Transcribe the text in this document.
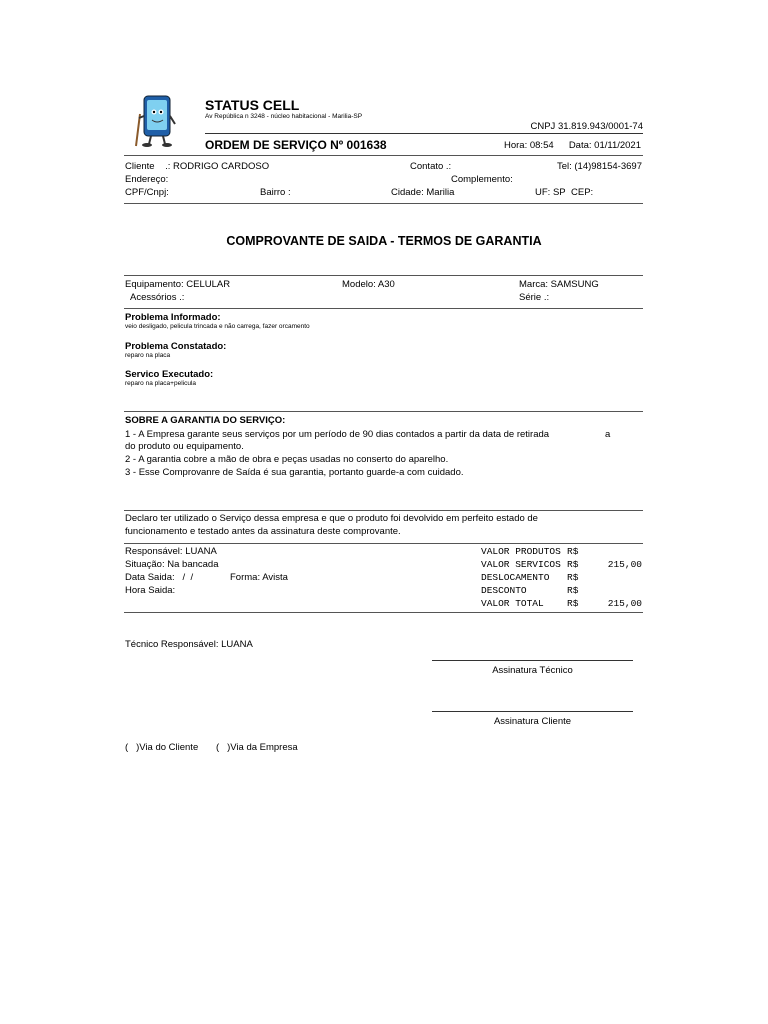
STATUS CELL
Av República n 3248 - núcleo habitacional - Marilia-SP
CNPJ 31.819.943/0001-74
ORDEM DE SERVIÇO Nº 001638	Hora: 08:54 Data: 01/11/2021
Cliente    .: RODRIGO CARDOSO	Contato .:	Tel: (14)98154-3697
Endereço:	Complemento:
CPF/Cnpj:	Bairro :	Cidade: Marilia	UF: SP CEP:
COMPROVANTE DE SAIDA - TERMOS DE GARANTIA
Equipamento: CELULAR	Modelo: A30	Marca: SAMSUNG
Acessórios .:	Série .:
Problema Informado:
veio desligado, pelicula trincada e não carrega, fazer orcamento
Problema Constatado:
reparo na placa
Servico Executado:
reparo na placa+pelicula
SOBRE A GARANTIA DO SERVIÇO:
1 - A Empresa garante seus serviços por um período de 90 dias contados a partir da data de retirada	a
do produto ou equipamento.
2 - A garantia cobre a mão de obra e peças usadas no conserto do aparelho.
3 - Esse Comprovanre de Saída é sua garantia, portanto guarde-a com cuidado.
Declaro ter utilizado o Serviço dessa empresa e que o produto foi devolvido em perfeito estado de
funcionamento e testado antes da assinatura deste comprovante.
Responsável: LUANA
Situação: Na bancada
Data Saida:   /  /	Forma: Avista
Hora Saida:
VALOR PRODUTOS R$
VALOR SERVICOS R$	215,00
DESLOCAMENTO R$
DESCONTO	R$
VALOR TOTAL R$	215,00
Técnico Responsável: LUANA
Assinatura Técnico
Assinatura Cliente
(   )Via do Cliente (   )Via da Empresa
